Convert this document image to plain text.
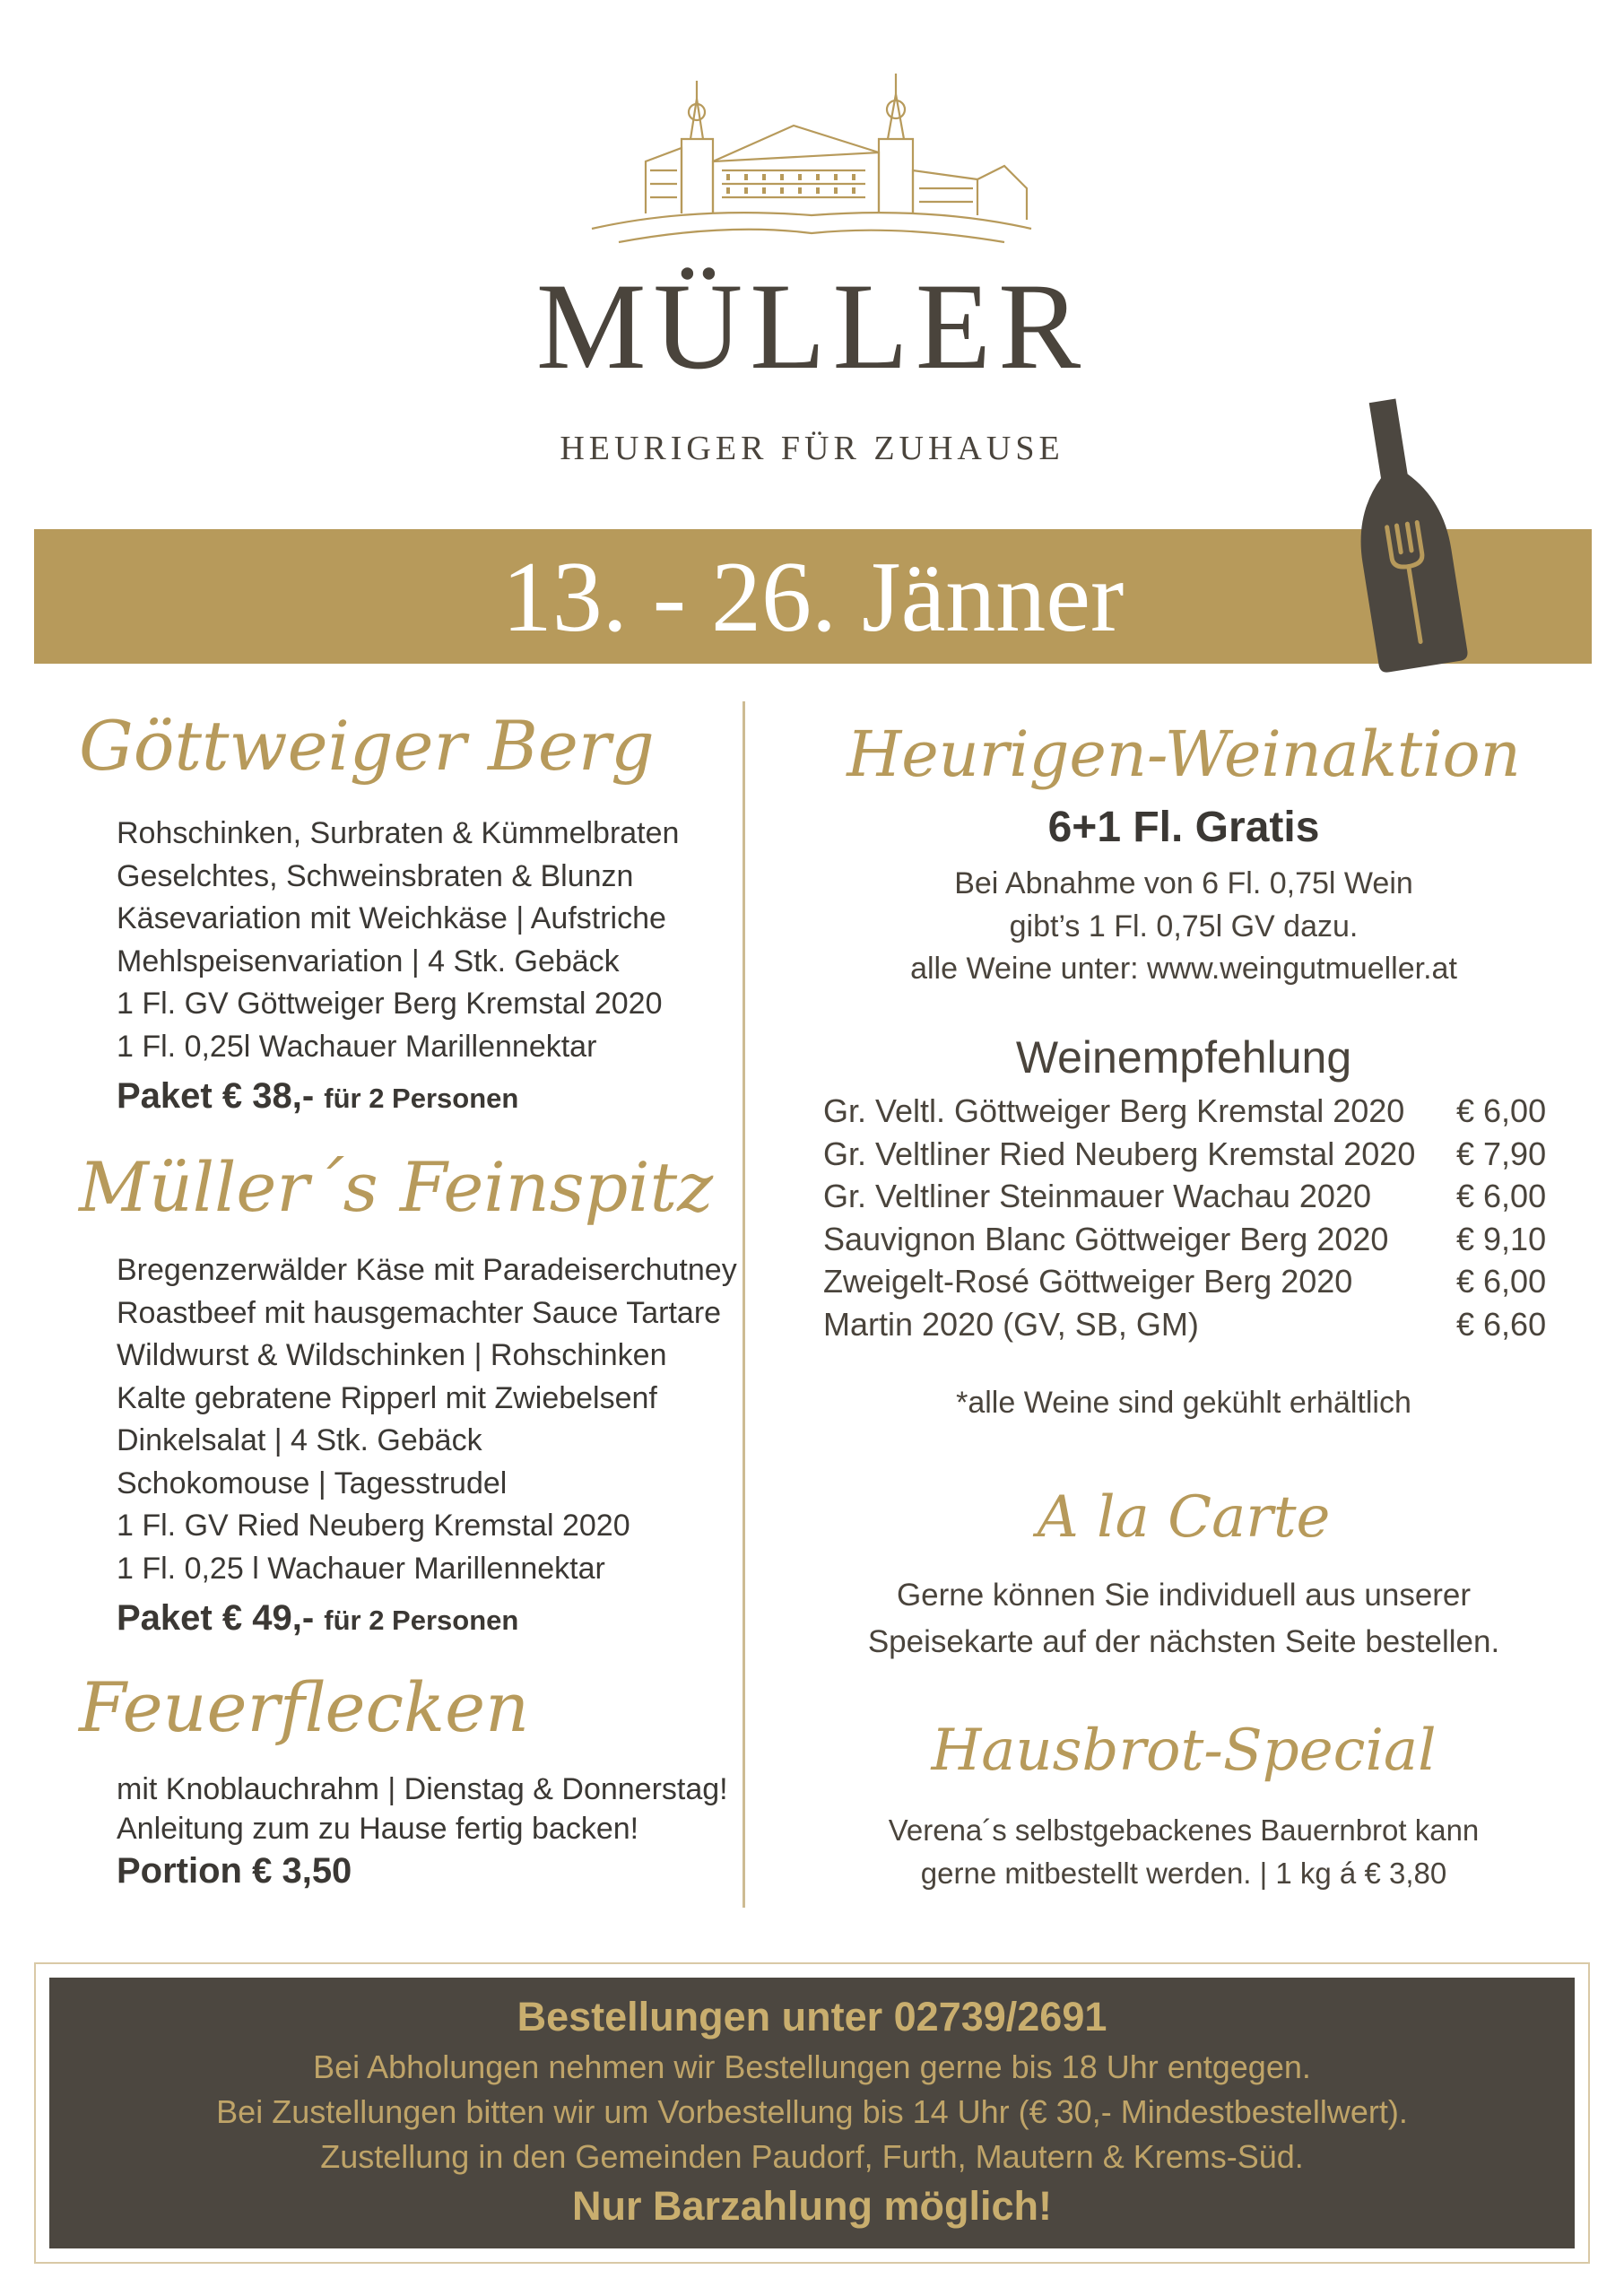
MÜLLER
HEURIGER FÜR ZUHAUSE
13. - 26. Jänner
Göttweiger Berg
Rohschinken, Surbraten & Kümmelbraten
Geselchtes, Schweinsbraten & Blunzn
Käsevariation mit Weichkäse | Aufstriche
Mehlspeisenvariation | 4 Stk. Gebäck
1 Fl. GV Göttweiger Berg Kremstal 2020
1 Fl. 0,25l Wachauer Marillennektar
Paket € 38,- für 2 Personen
Müller´s Feinspitz
Bregenzerwälder Käse mit Paradeiserchutney
Roastbeef mit hausgemachter Sauce Tartare
Wildwurst & Wildschinken | Rohschinken
Kalte gebratene Ripperl mit Zwiebelsenf
Dinkelsalat | 4 Stk. Gebäck
Schokomouse | Tagesstrudel
1 Fl. GV Ried Neuberg Kremstal 2020
1 Fl. 0,25 l Wachauer Marillennektar
Paket € 49,- für 2 Personen
Feuerflecken
mit Knoblauchrahm | Dienstag & Donnerstag!
Anleitung zum zu Hause fertig backen!
Portion € 3,50
Heurigen-Weinaktion
6+1 Fl. Gratis
Bei Abnahme von 6 Fl. 0,75l Wein
gibt’s 1 Fl. 0,75l GV dazu.
alle Weine unter: www.weingutmueller.at
Weinempfehlung
Gr. Veltl. Göttweiger Berg Kremstal 2020 € 6,00
Gr. Veltliner Ried Neuberg Kremstal 2020 € 7,90
Gr. Veltliner Steinmauer Wachau 2020	€ 6,00
Sauvignon Blanc Göttweiger Berg 2020 € 9,10
Zweigelt-Rosé Göttweiger Berg 2020	€ 6,00
Martin 2020 (GV, SB, GM)	€ 6,60
*alle Weine sind gekühlt erhältlich
A la Carte
Gerne können Sie individuell aus unserer
Speisekarte auf der nächsten Seite bestellen.
Hausbrot-Special
Verena´s selbstgebackenes Bauernbrot kann
gerne mitbestellt werden. | 1 kg á € 3,80
Bestellungen unter 02739/2691
Bei Abholungen nehmen wir Bestellungen gerne bis 18 Uhr entgegen.
Bei Zustellungen bitten wir um Vorbestellung bis 14 Uhr (€ 30,- Mindestbestellwert).
Zustellung in den Gemeinden Paudorf, Furth, Mautern & Krems-Süd.
Nur Barzahlung möglich!
